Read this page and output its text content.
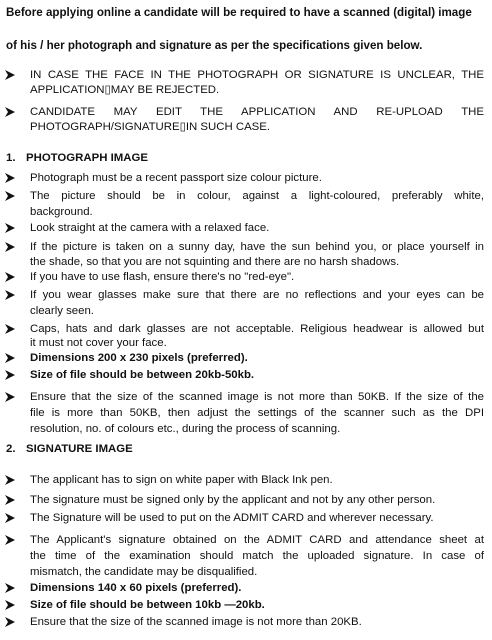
Before applying online a candidate will be required to have a scanned (digital) image
of his / her photograph and signature as per the specifications given below.
IN CASE THE FACE IN THE PHOTOGRAPH OR SIGNATURE IS UNCLEAR, THE
APPLICATION▯MAY BE REJECTED.
CANDIDATE MAY EDIT THE APPLICATION AND RE-UPLOAD THE
PHOTOGRAPH/SIGNATURE▯IN SUCH CASE.
1. PHOTOGRAPH IMAGE
Photograph must be a recent passport size colour picture.
The picture should be in colour, against a light-coloured, preferably white,
background.
Look straight at the camera with a relaxed face.
If the picture is taken on a sunny day, have the sun behind you, or place yourself in
the shade, so that you are not squinting and there are no harsh shadows.
If you have to use flash, ensure there's no "red-eye".
If you wear glasses make sure that there are no reflections and your eyes can be
clearly seen.
Caps, hats and dark glasses are not acceptable. Religious headwear is allowed but
it must not cover your face.
Dimensions 200 x 230 pixels (preferred).
Size of file should be between 20kb-50kb.
Ensure that the size of the scanned image is not more than 50KB. If the size of the
file is more than 50KB, then adjust the settings of the scanner such as the DPI
resolution, no. of colours etc., during the process of scanning.
2. SIGNATURE IMAGE
The applicant has to sign on white paper with Black Ink pen.
The signature must be signed only by the applicant and not by any other person.
The Signature will be used to put on the ADMIT CARD and wherever necessary.
The Applicant's signature obtained on the ADMIT CARD and attendance sheet at
the time of the examination should match the uploaded signature. In case of
mismatch, the candidate may be disqualified.
Dimensions 140 x 60 pixels (preferred).
Size of file should be between 10kb —20kb.
Ensure that the size of the scanned image is not more than 20KB.
